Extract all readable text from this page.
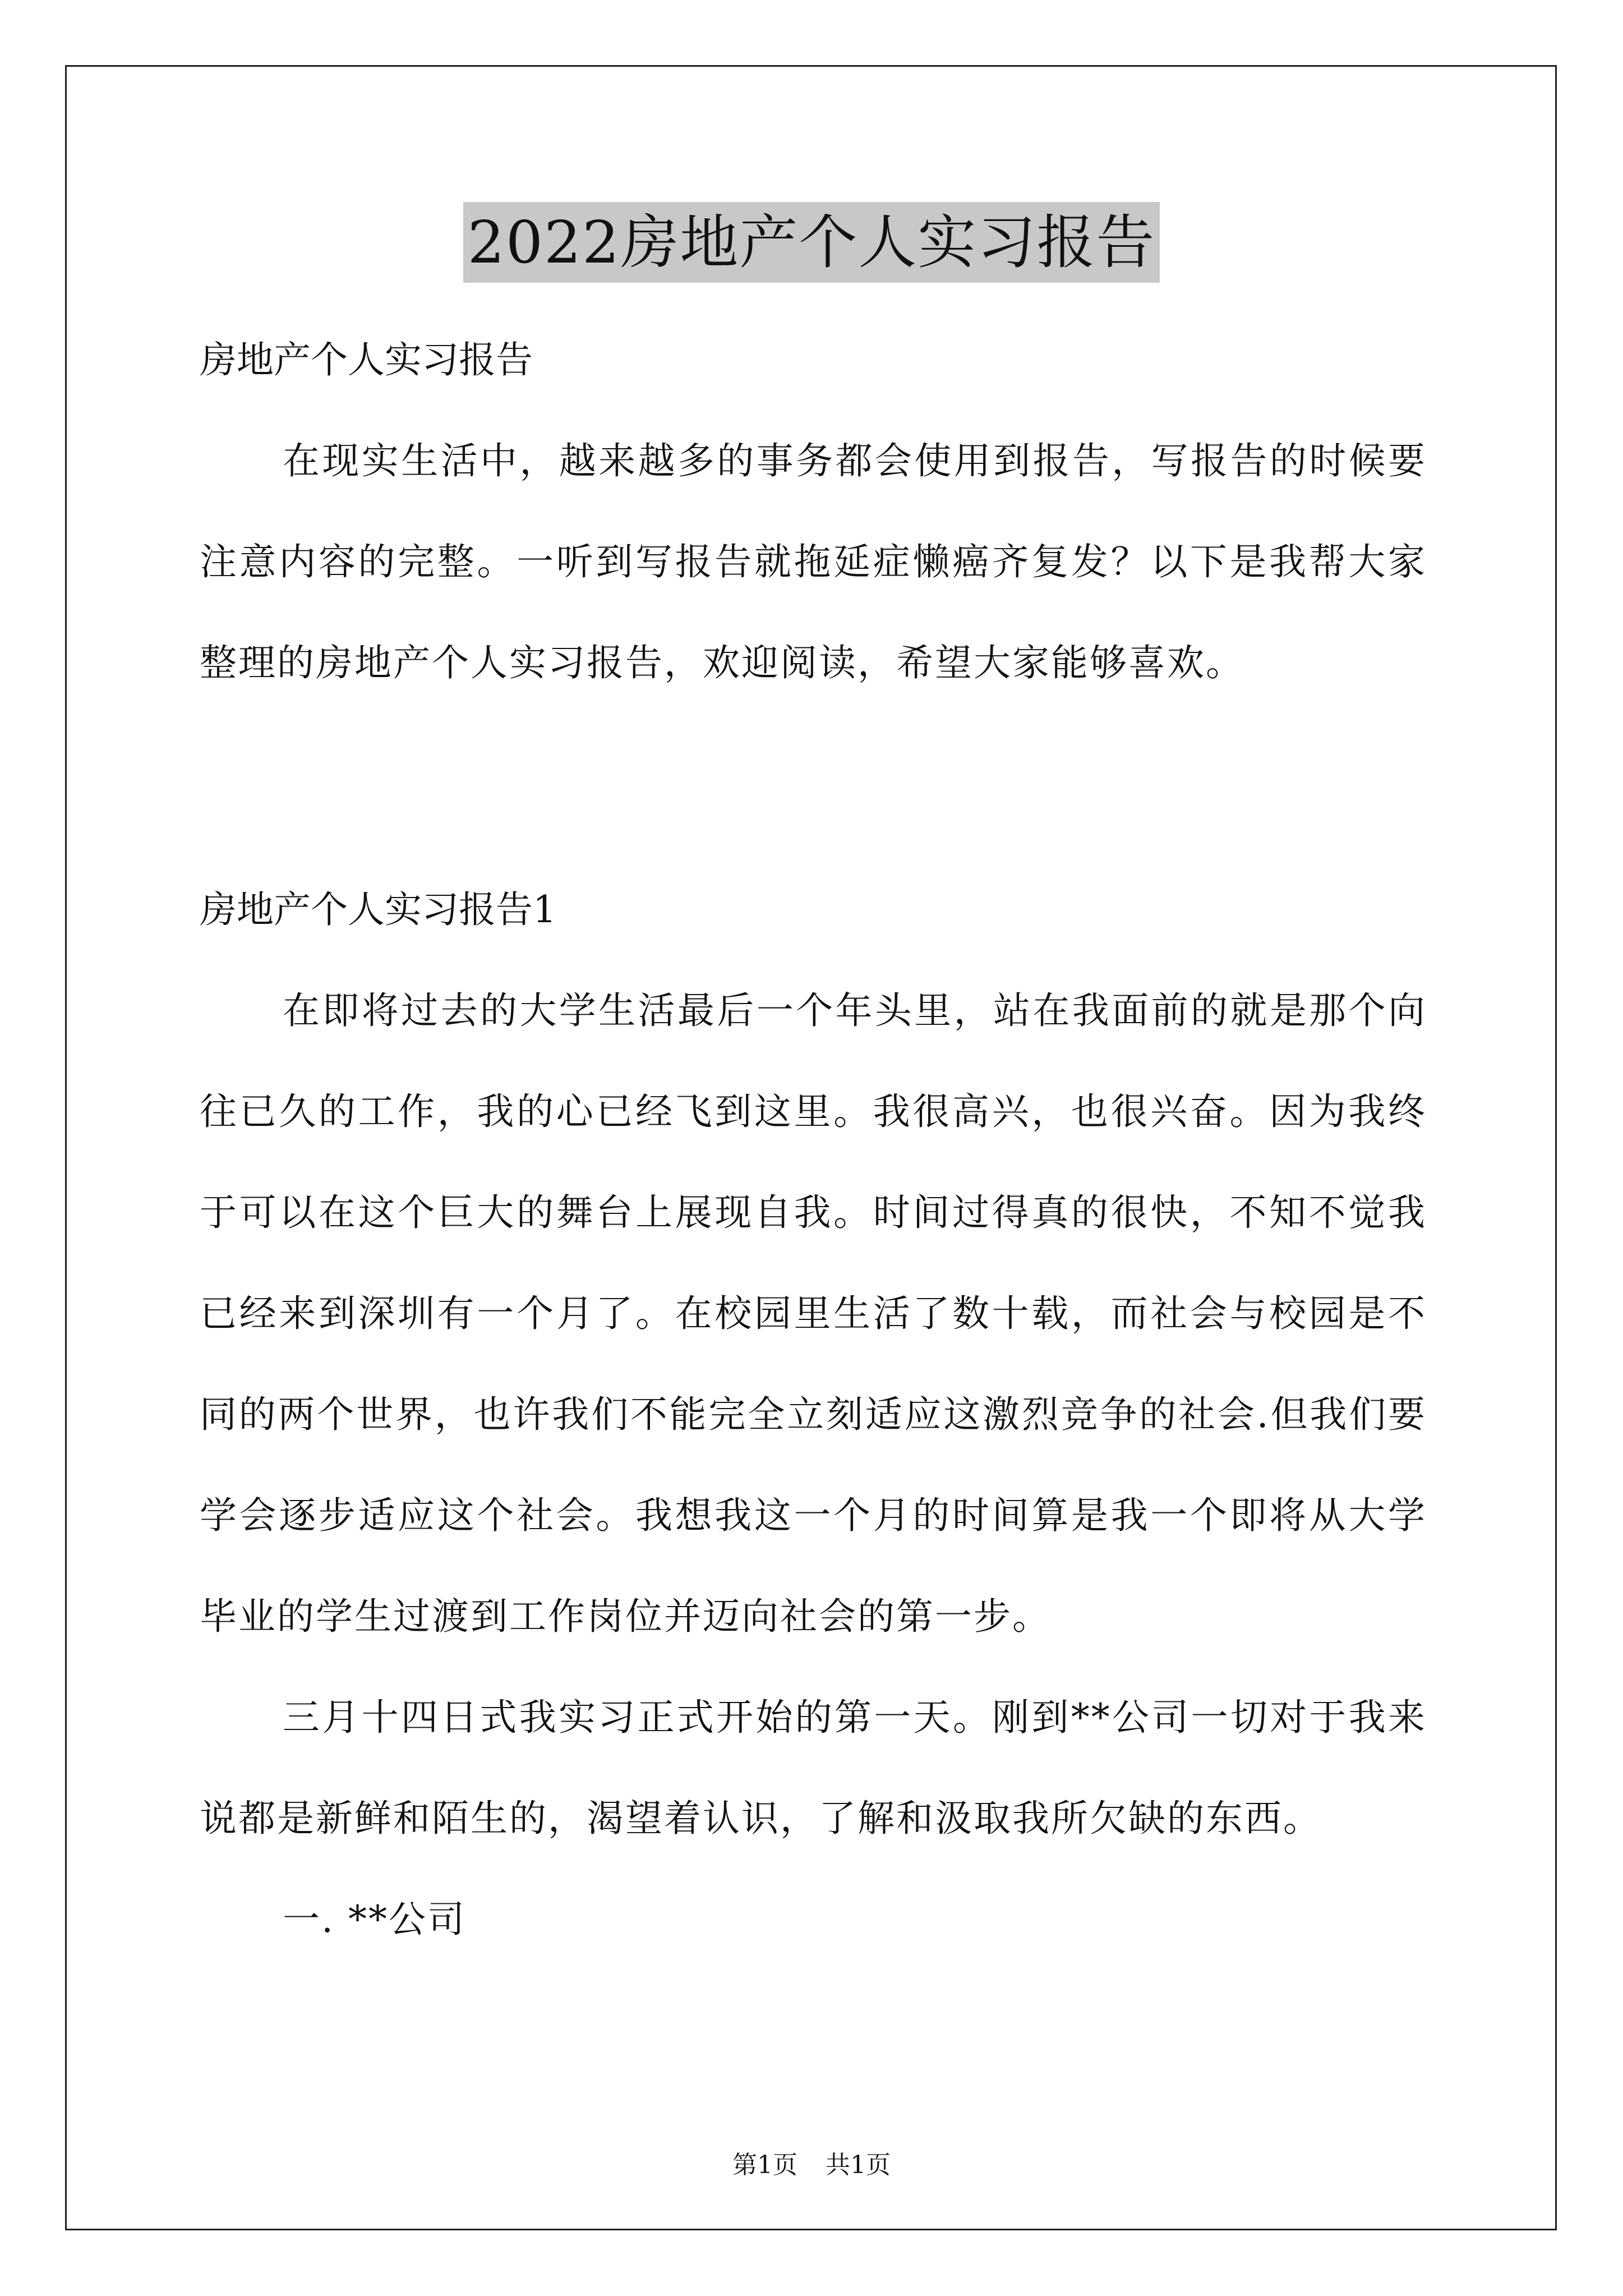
2022房地产个人实习报告

房地产个人实习报告

在现实生活中，越来越多的事务都会使用到报告，写报告的时候要注意内容的完整。一听到写报告就拖延症懒癌齐复发？以下是我帮大家整理的房地产个人实习报告，欢迎阅读，希望大家能够喜欢。

房地产个人实习报告1

在即将过去的大学生活最后一个年头里，站在我面前的就是那个向往已久的工作，我的心已经飞到这里。我很高兴，也很兴奋。因为我终于可以在这个巨大的舞台上展现自我。时间过得真的很快，不知不觉我已经来到深圳有一个月了。在校园里生活了数十载，而社会与校园是不同的两个世界，也许我们不能完全立刻适应这激烈竞争的社会.但我们要学会逐步适应这个社会。我想我这一个月的时间算是我一个即将从大学毕业的学生过渡到工作岗位并迈向社会的第一步。

三月十四日式我实习正式开始的第一天。刚到**公司一切对于我来说都是新鲜和陌生的，渴望着认识，了解和汲取我所欠缺的东西。

一. **公司

第1页 共1页
